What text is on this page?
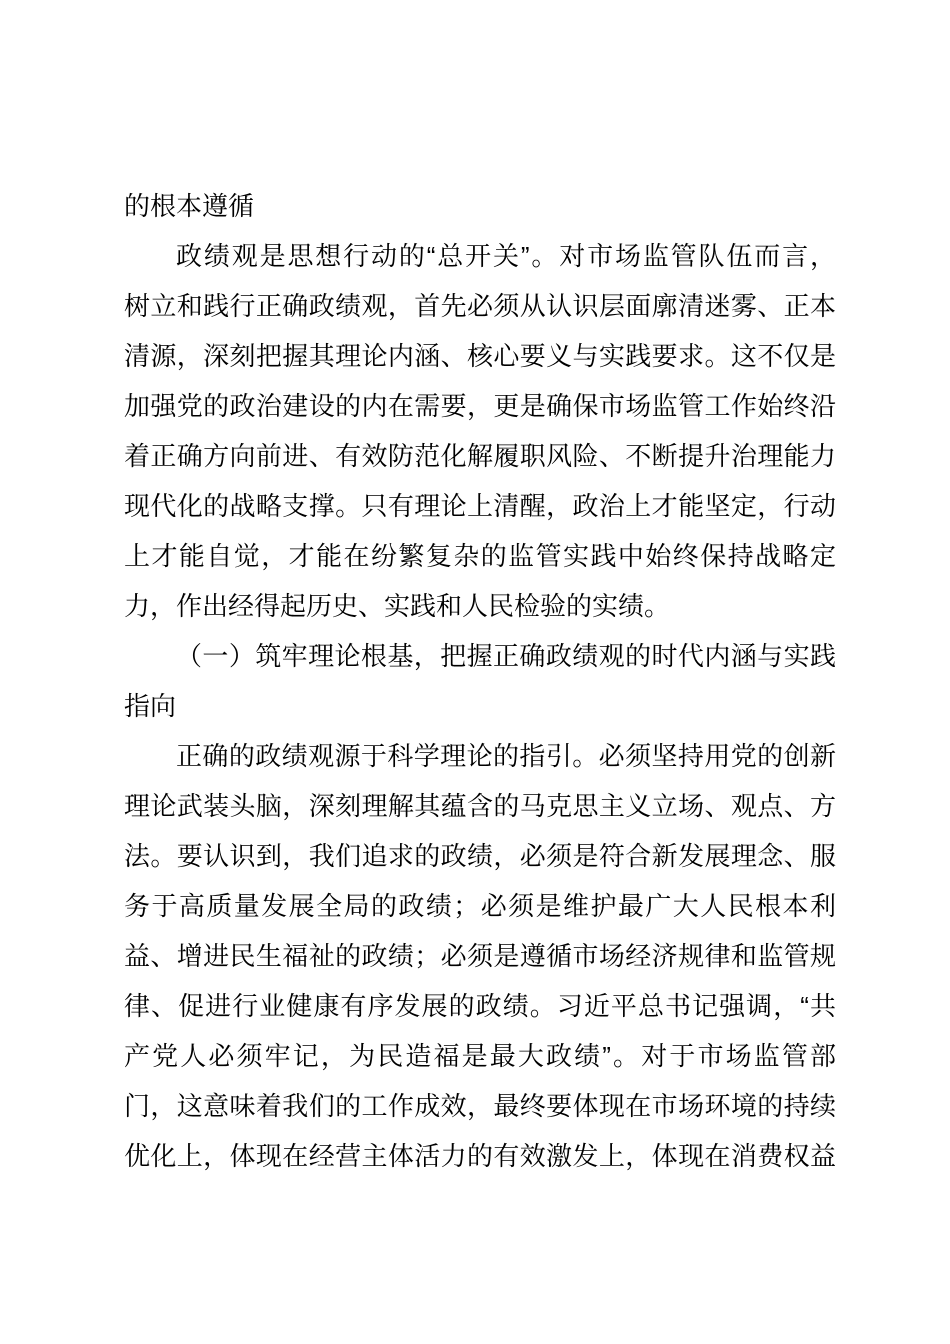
的根本遵循
政绩观是思想行动的“总开关”。对市场监管队伍而言，
树立和践行正确政绩观，首先必须从认识层面廓清迷雾、正本
清源，深刻把握其理论内涵、核心要义与实践要求。这不仅是
加强党的政治建设的内在需要，更是确保市场监管工作始终沿
着正确方向前进、有效防范化解履职风险、不断提升治理能力
现代化的战略支撑。只有理论上清醒，政治上才能坚定，行动
上才能自觉，才能在纷繁复杂的监管实践中始终保持战略定
力，作出经得起历史、实践和人民检验的实绩。
（一）筑牢理论根基，把握正确政绩观的时代内涵与实践
指向
正确的政绩观源于科学理论的指引。必须坚持用党的创新
理论武装头脑，深刻理解其蕴含的马克思主义立场、观点、方
法。要认识到，我们追求的政绩，必须是符合新发展理念、服
务于高质量发展全局的政绩；必须是维护最广大人民根本利
益、增进民生福祉的政绩；必须是遵循市场经济规律和监管规
律、促进行业健康有序发展的政绩。习近平总书记强调，“共
产党人必须牢记，为民造福是最大政绩”。对于市场监管部
门，这意味着我们的工作成效，最终要体现在市场环境的持续
优化上，体现在经营主体活力的有效激发上，体现在消费权益
